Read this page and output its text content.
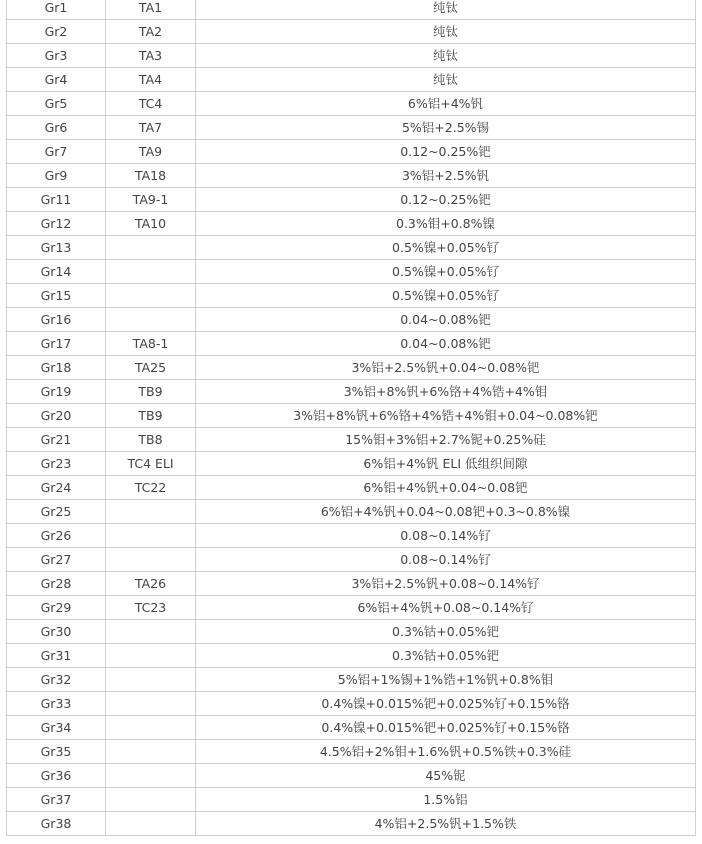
Gr1	TA1	纯钛
Gr2	TA2	纯钛
Gr3	TA3	纯钛
Gr4	TA4	纯钛
Gr5	TC4	6%铝+4%钒
Gr6	TA7	5%铝+2.5%锡
Gr7	TA9	0.12~0.25%钯
Gr9	TA18	3%铝+2.5%钒
Gr11	TA9-1	0.12~0.25%钯
Gr12	TA10	0.3%钼+0.8%镍
Gr13		0.5%镍+0.05%钌
Gr14		0.5%镍+0.05%钌
Gr15		0.5%镍+0.05%钌
Gr16		0.04~0.08%钯
Gr17	TA8-1	0.04~0.08%钯
Gr18	TA25	3%铝+2.5%钒+0.04~0.08%钯
Gr19	TB9	3%铝+8%钒+6%铬+4%锆+4%钼
Gr20	TB9	3%铝+8%钒+6%铬+4%锆+4%钼+0.04~0.08%钯
Gr21	TB8	15%钼+3%铝+2.7%铌+0.25%硅
Gr23	TC4 ELI	6%铝+4%钒 ELI 低组织间隙
Gr24	TC22	6%铝+4%钒+0.04~0.08钯
Gr25		6%铝+4%钒+0.04~0.08钯+0.3~0.8%镍
Gr26		0.08~0.14%钌
Gr27		0.08~0.14%钌
Gr28	TA26	3%铝+2.5%钒+0.08~0.14%钌
Gr29	TC23	6%铝+4%钒+0.08~0.14%钌
Gr30		0.3%钴+0.05%钯
Gr31		0.3%钴+0.05%钯
Gr32		5%铝+1%锡+1%锆+1%钒+0.8%钼
Gr33		0.4%镍+0.015%钯+0.025%钌+0.15%铬
Gr34		0.4%镍+0.015%钯+0.025%钌+0.15%铬
Gr35		4.5%铝+2%钼+1.6%钒+0.5%铁+0.3%硅
Gr36		45%铌
Gr37		1.5%铝
Gr38		4%铝+2.5%钒+1.5%铁
